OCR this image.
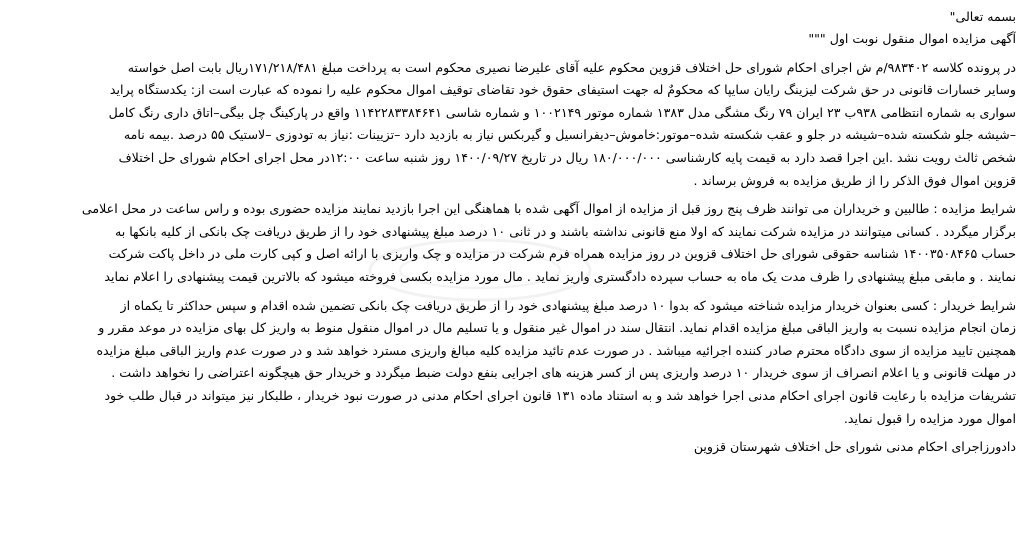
بسمه تعالی"
آگهی مزایده اموال منقول نوبت اول """
در پرونده کلاسه ۹۸۳۴۰۲/م ش اجرای احکام شورای حل اختلاف قزوین محکوم علیه آقای علیرضا نصیری محکوم است به پرداخت مبلغ ۱۷۱/۲۱۸/۴۸۱ریال بابت اصل خواسته
وسایر خسارات قانونی در حق شرکت لیزینگ رایان سایپا که محکومٌ له جهت استیفای حقوق خود تقاضای توقیف اموال محکوم علیه را نموده که عبارت است از: یکدستگاه پراید
سواری به شماره انتظامی ۹۳۸ب ۲۳ ایران ۷۹ رنگ مشگی مدل ۱۳۸۳ شماره موتور ۱۰۰۲۱۴۹ و شماره شاسی ۱۱۴۲۲۸۳۳۸۴۶۴۱ واقع در پارکینگ چل بیگی–اتاق داری رنگ کامل
–شیشه جلو شکسته شده–شیشه در جلو و عقب شکسته شده–موتور:خاموش–دیفرانسیل و گیربکس نیاز به بازدید دارد –تزیینات :نیاز به تودوزی –لاستیک ۵۵ درصد .بیمه نامه
شخص ثالث رویت نشد .این اجرا قصد دارد به قیمت پایه کارشناسی ۱۸۰/۰۰۰/۰۰۰ ریال در تاریخ ۱۴۰۰/۰۹/۲۷ روز شنبه ساعت ۱۲:۰۰در محل اجرای احکام شورای حل اختلاف
قزوین اموال فوق الذکر را از طریق مزایده به فروش برساند .
شرایط مزایده : طالبین و خریداران می توانند ظرف پنج روز قبل از مزایده از اموال آگهی شده با هماهنگی این اجرا بازدید نمایند مزایده حضوری بوده و راس ساعت در محل اعلامی
برگزار میگردد . کسانی میتوانند در مزایده شرکت نمایند که اولا منع قانونی نداشته باشند و در ثانی ۱۰ درصد مبلغ پیشنهادی خود را از طریق دریافت چک بانکی از کلیه بانکها به
حساب ۱۴۰۰۳۵۰۸۴۶۵ شناسه حقوقی شورای حل اختلاف قزوین در روز مزایده همراه فرم شرکت در مزایده و چک واریزی با ارائه اصل و کپی کارت ملی در داخل پاکت شرکت
نمایند . و مابقی مبلغ پیشنهادی را ظرف مدت یک ماه به حساب سپرده دادگستری واریز نماید . مال مورد مزایده بکسی فروخته میشود که بالاترین قیمت پیشنهادی را اعلام نماید
شرایط خریدار : کسی بعنوان خریدار مزایده شناخته میشود که بدوا ۱۰ درصد مبلغ پیشنهادی خود را از طریق دریافت چک بانکی تضمین شده اقدام و سپس حداکثر تا یکماه از
زمان انجام مزایده نسبت به واریز الباقی مبلغ مزایده اقدام نماید. انتقال سند در اموال غیر منقول و یا تسلیم مال در اموال منقول منوط به واریز کل بهای مزایده در موعد مقرر و
همچنین تایید مزایده از سوی دادگاه محترم صادر کننده اجرائیه میباشد . در صورت عدم تائید مزایده کلیه مبالغ واریزی مسترد خواهد شد و در صورت عدم واریز الباقی مبلغ مزایده
در مهلت قانونی و یا اعلام انصراف از سوی خریدار ۱۰ درصد واریزی پس از کسر هزینه های اجرایی بنفع دولت ضبط میگردد و خریدار حق هیچگونه اعتراضی را نخواهد داشت .
تشریفات مزایده با رعایت قانون اجرای احکام مدنی اجرا خواهد شد و به استناد ماده ۱۳۱ قانون اجرای احکام مدنی در صورت نبود خریدار ، طلبکار نیز میتواند در قبال طلب خود
اموال مورد مزایده را قبول نماید.
دادورزاجرای احکام مدنی شورای حل اختلاف شهرستان قزوین
